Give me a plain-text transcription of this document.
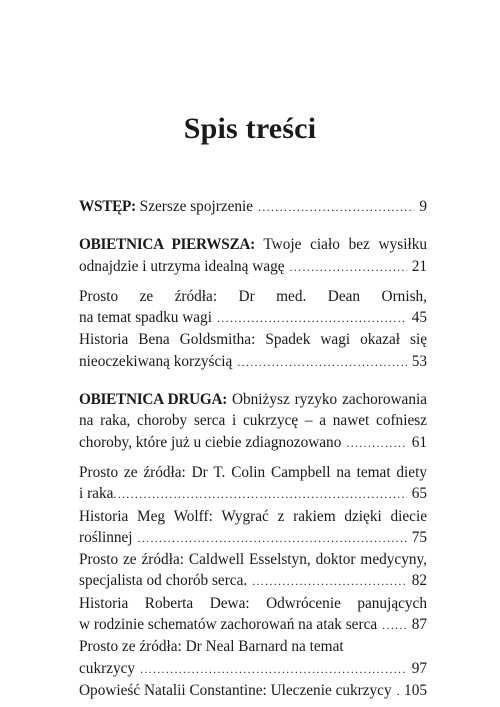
Spis treści
WSTĘP: Szersze spojrzenie .....	9
OBIETNICA PIERWSZA: Twoje ciało bez wysiłku
odnajdzie i utrzyma idealną wagę .....	21
Prosto ze źródła: Dr med. Dean Ornish,
na temat spadku wagi .....	45
Historia Bena Goldsmitha: Spadek wagi okazał się
nieoczekiwaną korzyścią .....	53
OBIETNICA DRUGA: Obniżysz ryzyko zachorowania
na raka, choroby serca i cukrzycę – a nawet cofniesz
choroby, które już u ciebie zdiagnozowano .....	61
Prosto ze źródła: Dr T. Colin Campbell na temat diety
i raka .....	65
Historia Meg Wolff: Wygrać z rakiem dzięki diecie
roślinnej .....	75
Prosto ze źródła: Caldwell Esselstyn, doktor medycyny,
specjalista od chorób serca. .....	82
Historia Roberta Dewa: Odwrócenie panujących
w rodzinie schematów zachorowań na atak serca ..... 87
Prosto ze źródła: Dr Neal Barnard na temat
cukrzycy .....	97
Opowieść Natalii Constantine: Uleczenie cukrzycy ..... 105
